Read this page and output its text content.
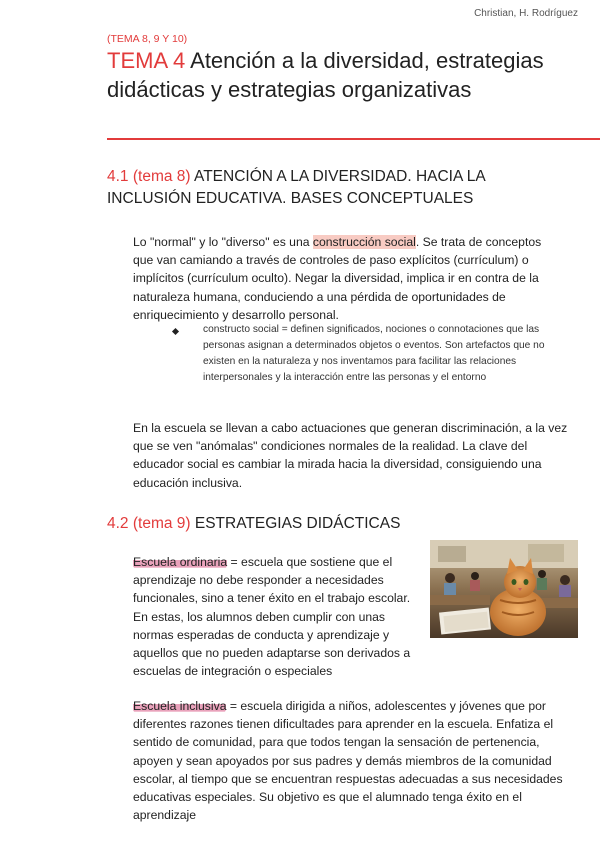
Christian, H. Rodríguez
(TEMA 8, 9 Y 10)
TEMA 4 Atención a la diversidad, estrategias didácticas y estrategias organizativas
4.1 (tema 8) ATENCIÓN A LA DIVERSIDAD. HACIA LA INCLUSIÓN EDUCATIVA. BASES CONCEPTUALES

Lo "normal" y lo "diverso" es una construcción social. Se trata de conceptos que van camiando a través de controles de paso explícitos (currículum) o implícitos (currículum oculto). Negar la diversidad, implica ir en contra de la naturaleza humana, conduciendo a una pérdida de oportunidades de enriquecimiento y desarrollo personal.

constructo social = definen significados, nociones o connotaciones que las personas asignan a determinados objetos o eventos. Son artefactos que no existen en la naturaleza y nos inventamos para facilitar las relaciones interpersonales y la interacción entre las personas y el entorno

En la escuela se llevan a cabo actuaciones que generan discriminación, a la vez que se ven "anómalas" condiciones normales de la realidad. La clave del educador social es cambiar la mirada hacia la diversidad, consiguiendo una educación inclusiva.

4.2 (tema 9) ESTRATEGIAS DIDÁCTICAS

Escuela ordinaria = escuela que sostiene que el aprendizaje no debe responder a necesidades funcionales, sino a tener éxito en el trabajo escolar. En estas, los alumnos deben cumplir con unas normas esperadas de conducta y aprendizaje y aquellos que no pueden adaptarse son derivados a escuelas de integración o especiales

Escuela inclusiva = escuela dirigida a niños, adolescentes y jóvenes que por diferentes razones tienen dificultades para aprender en la escuela. Enfatiza el sentido de comunidad, para que todos tengan la sensación de pertenencia, apoyen y sean apoyados por sus padres y demás miembros de la comunidad escolar, al tiempo que se encuentran respuestas adecuadas a sus necesidades educativas especiales. Su objetivo es que el alumnado tenga éxito en el aprendizaje
